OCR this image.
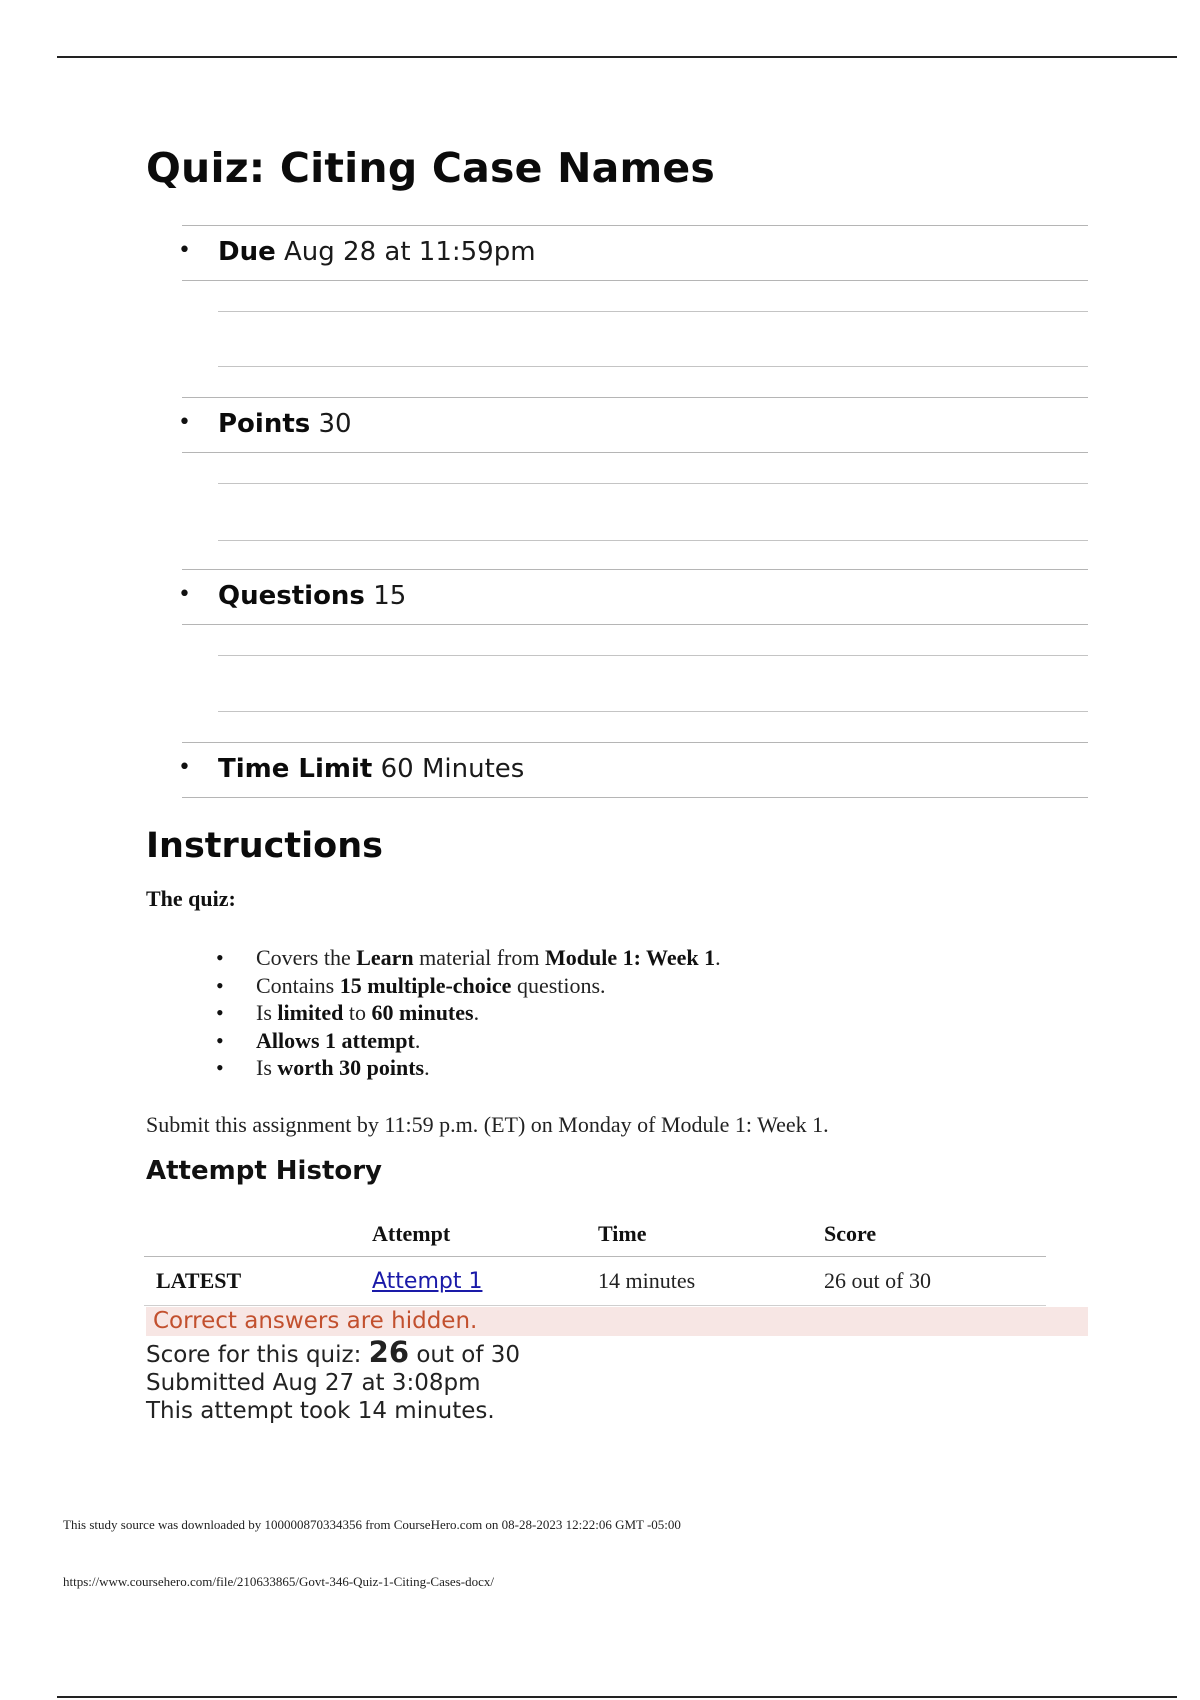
Quiz: Citing Case Names
• Due Aug 28 at 11:59pm
• Points 30
• Questions 15
• Time Limit 60 Minutes
Instructions
The quiz:
• Covers the Learn material from Module 1: Week 1.
• Contains 15 multiple-choice questions.
• Is limited to 60 minutes.
• Allows 1 attempt.
• Is worth 30 points.
Submit this assignment by 11:59 p.m. (ET) on Monday of Module 1: Week 1.
Attempt History
	Attempt	Time	Score
LATEST	Attempt 1	14 minutes	26 out of 30
Correct answers are hidden.
Score for this quiz: 26 out of 30
Submitted Aug 27 at 3:08pm
This attempt took 14 minutes.
This study source was downloaded by 100000870334356 from CourseHero.com on 08-28-2023 12:22:06 GMT -05:00
https://www.coursehero.com/file/210633865/Govt-346-Quiz-1-Citing-Cases-docx/
